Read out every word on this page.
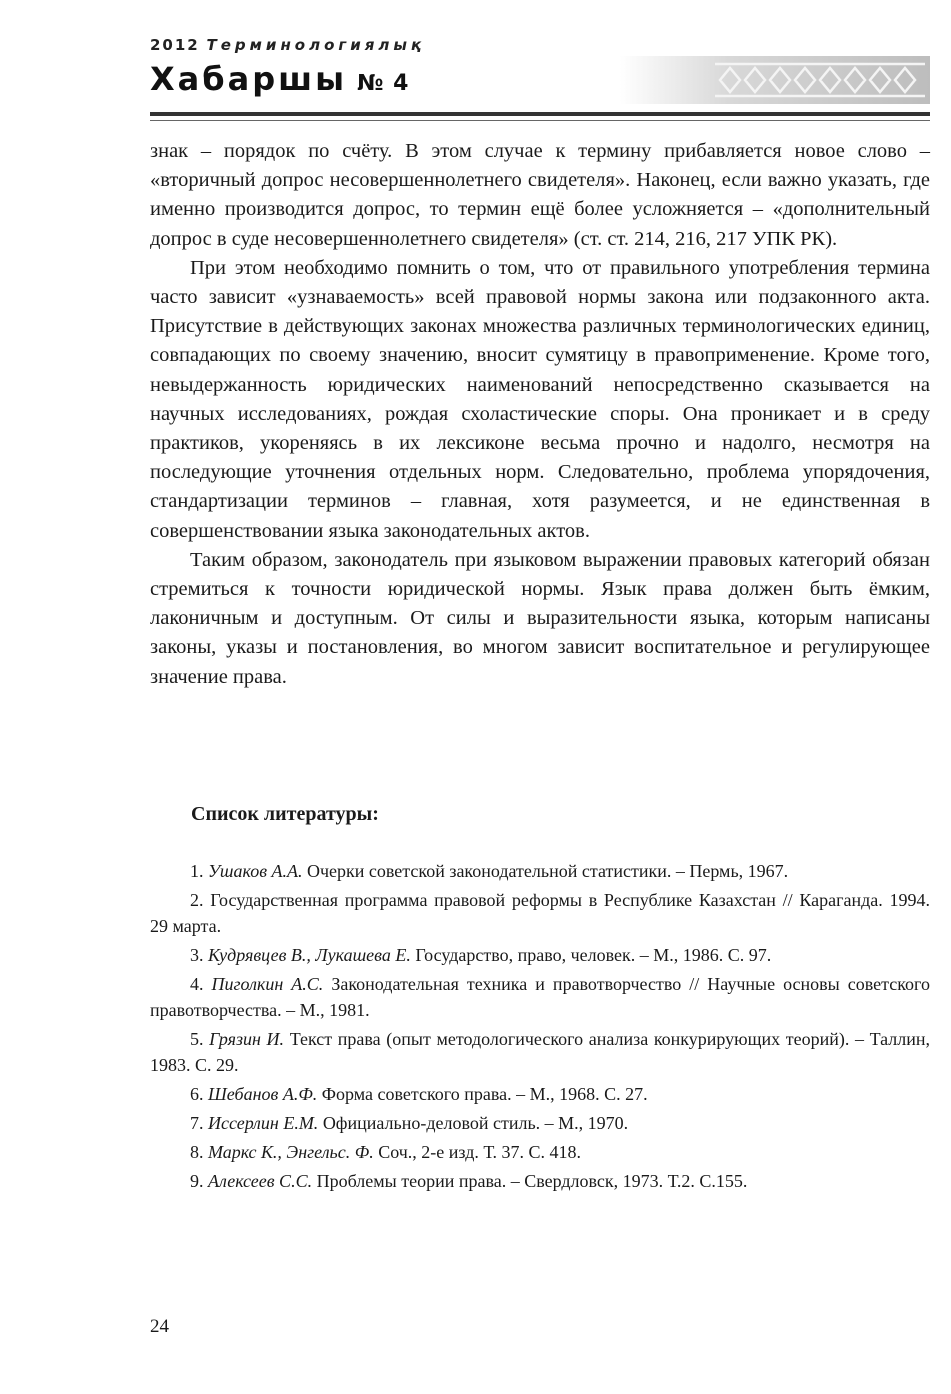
2012 Терминологиялық
Хабаршы № 4

знак – порядок по счёту. В этом случае к термину прибавляется новое слово – «вторичный допрос несовершеннолетнего свидетеля». Наконец, если важно указать, где именно производится допрос, то термин ещё более усложняется – «дополнительный допрос в суде несовершеннолетнего свидетеля» (ст. ст. 214, 216, 217 УПК РК).

При этом необходимо помнить о том, что от правильного употребления термина часто зависит «узнаваемость» всей правовой нормы закона или подзаконного акта. Присутствие в действующих законах множества различных терминологических единиц, совпадающих по своему значению, вносит сумятицу в правоприменение. Кроме того, невыдержанность юридических наименований непосредственно сказывается на научных исследованиях, рождая схоластические споры. Она проникает и в среду практиков, укореняясь в их лексиконе весьма прочно и надолго, несмотря на последующие уточнения отдельных норм. Следовательно, проблема упорядочения, стандартизации терминов – главная, хотя разумеется, и не единственная в совершенствовании языка законодательных актов.

Таким образом, законодатель при языковом выражении правовых категорий обязан стремиться к точности юридической нормы. Язык права должен быть ёмким, лаконичным и доступным. От силы и выразительности языка, которым написаны законы, указы и постановления, во многом зависит воспитательное и регулирующее значение права.

Список литературы:

1. Ушаков А.А. Очерки советской законодательной статистики. – Пермь, 1967.

2. Государственная программа правовой реформы в Республике Казахстан // Караганда. 1994. 29 марта.

3. Кудрявцев В., Лукашева Е. Государство, право, человек. – М., 1986. С. 97.

4. Пиголкин А.С. Законодательная техника и правотворчество // Научные основы советского правотворчества. – М., 1981.

5. Грязин И. Текст права (опыт методологического анализа конкурирующих теорий). – Таллин, 1983. С. 29.

6. Шебанов А.Ф. Форма советского права. – М., 1968. С. 27.

7. Иссерлин Е.М. Официально-деловой стиль. – М., 1970.

8. Маркс К., Энгельс. Ф. Соч., 2-е изд. Т. 37. С. 418.

9. Алексеев С.С. Проблемы теории права. – Свердловск, 1973. Т.2. С.155.

24
